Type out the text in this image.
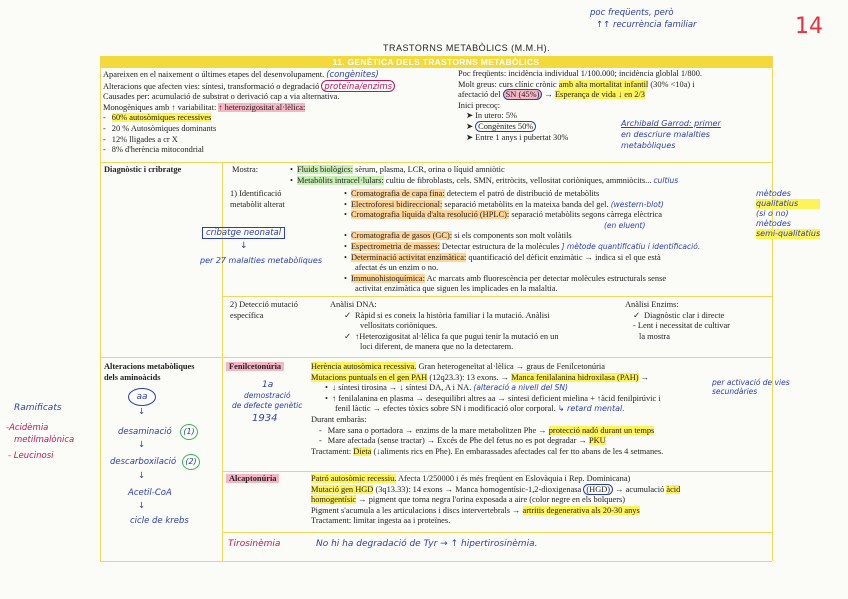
14
poc freqüents, però
↑↑ recurrència familiar
TRASTORNS METABÒLICS (M.M.H).
11. GENÈTICA DELS TRASTORNS METABÒLICS
Apareixen en el naixement o últimes etapes del desenvolupament. (congènites)
Alteracions que afecten vies: síntesi, transformació o degradació proteïna/enzims
Causades per: acumulació de substrat o derivació cap a via alternativa.
Monogèniques amb ↑ variabilitat: ↑ heterozigositat al·lèlica:
- 60% autosòmiques recessives
- 20 % Autosòmiques dominants
- 12% lligades a cr X
- 8% d'herència mitocondrial
Poc freqüents: incidència individual 1/100.000; incidència globlal 1/800.
Molt greus: curs clínic crònic amb alta mortalitat infantil (30% <10a) i
afectació del SN (45%) → Esperança de vida ↓ en 2/3
Inici precoç:
➤ In utero: 5%
➤ Congènites 50%
➤ Entre 1 anys i pubertat 30%
Archibald Garrod: primer
en descriure malalties
metabòliques
Diagnòstic i cribratge	Mostra:
•	Fluids biològics: sèrum, plasma, LCR, orina o líquid amniòtic
• Metabòlits intracel·lulars: cultiu de fibroblasts, cels. SMN, eritròcits, vellositat coriòniques, ammniòcits... cultius
1) Identificació
metabòlit alterat
cribatge neonatal
↓
per 27 malalties metabòliques
• Cromatografia de capa fina: detectem el patró de distribució de metabòlits
• Electroforesi bidireccional: separació metabòlits en la mateixa banda del gel. (western-blot)
• Cromatografia líquida d'alta resolució (HPLC): separació metabòlits segons càrrega elèctrica
(en eluent)
• Cromatografia de gasos (GC): si els components son molt volàtils
• Espectrometria de masses: Detectar estructura de la molècules ] mètode quantificatiu i identificació.
• Determinació activitat enzimàtica: quantificació del dèficit enzimàtic → indica si el que està
afectat és un enzim o no.
• Immunohistoquímica: Ac marcats amb fluorescència per detectar molècules estructurals sense
activitat enzimàtica que siguen les implicades en la malaltia.
mètodes
qualitatius
(si o no)
mètodes
semi-qualitatius
2) Detecció mutació
específica
Anàlisi DNA:
✓ Ràpid si es coneix la història familiar i la mutació. Anàlisi
vellositats coriòniques.
✓ ↑Heterozigositat al·lèlica fa que pugui tenir la mutació en un
loci diferent, de manera que no la detectarem.
Anàlisi Enzims:
✓ Diagnòstic clar i directe
- Lent i necessitat de cultivar
la mostra
Alteracions metabòliques
dels aminoàcids
Ramificats
-Acidèmia
metilmalònica
- Leucinosi
aa
↓
desaminació	(1)
↓
descarboxilació	(2)
↓
Acetil-CoA
↓
cicle de krebs
Fenilcetonúria
1a
demostració
de defecte genètic
1934
Herència autosòmica recessiva. Gran heterogeneïtat al·lèlica → graus de Fenilcetonúria
Mutacions puntuals en el gen PAH (12q23.3): 13 exons. → Manca fenilalanina hidroxilasa (PAH) →
• ↓ síntesi tirosina → ↓ síntesi DA, A i NA. (alteració a nivell del SN)
• ↑ fenilalanina en plasma → desequilibri altres aa → síntesi deficient mielina + ↑àcid fenilpirúvic i
fenil làctic → efectes tòxics sobre SN i modificació olor corporal. ↳ retard mental.
Durant embaràs:
- Mare sana o portadora → enzims de la mare metabolitzen Phe → protecció nadó durant un temps
- Mare afectada (sense tractar) → Excés de Phe del fetus no es pot degradar → PKU
Tractament: Dieta (↓aliments rics en Phe). En embarassades afectades cal fer tto abans de les 4 setmanes.
per activació de vies secundàries
Alcaptonúria	Patró autosòmic recessiu. Afecta 1/250000 i és més freqüent en Eslovàquia i Rep. Dominicana)
Mutació gen HGD (3q13.33): 14 exons → Manca homogentísic-1,2-dioxigenasa (HGD) → acumulació àcid
homogentísic → pigment que torna negra l'orina exposada a aire (color negre en els bolquers)
Pigment s'acumula a les articulacions i discs intervertebrals → artritis degenerativa als 20-30 anys
Tractament: limitar ingesta aa i proteïnes.
Tirosinèmia	No hi ha degradació de Tyr → ↑ hipertirosinèmia.
